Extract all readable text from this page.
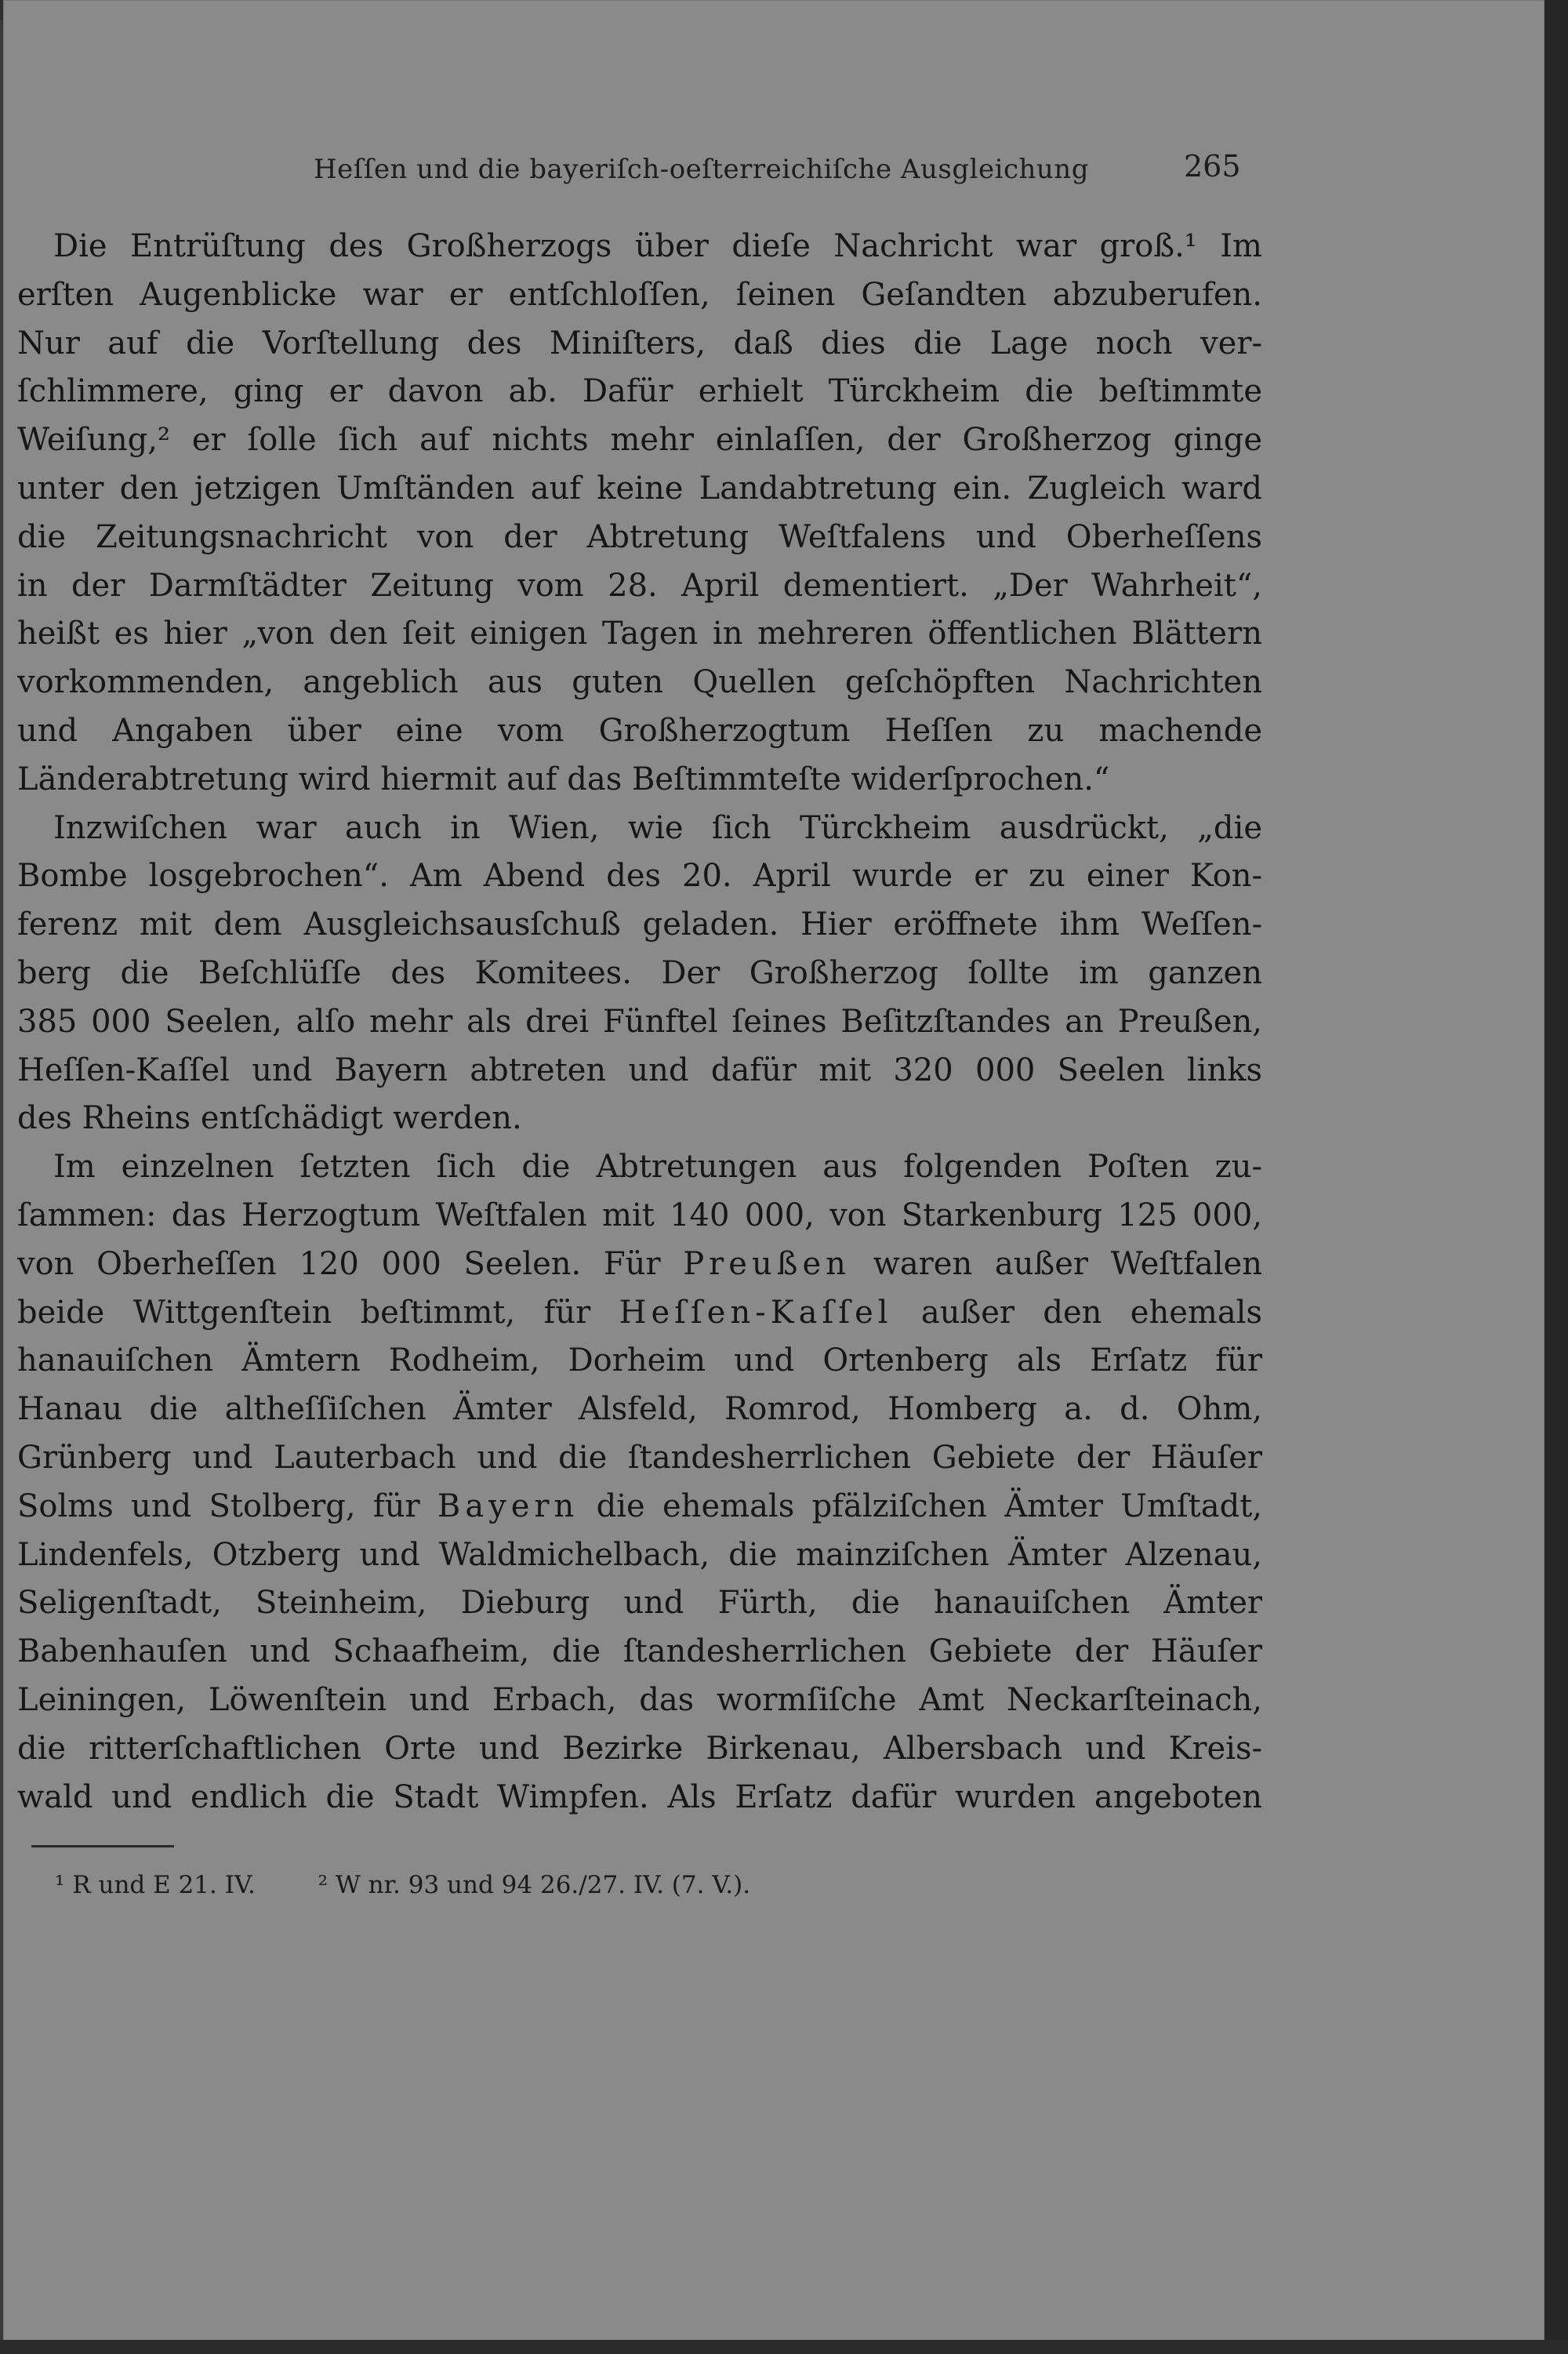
Heſſen und die bayeriſch-oeſterreichiſche Ausgleichung	265
Die Entrüſtung des Großherzogs über dieſe Nachricht war groß.¹ Im
erſten Augenblicke war er entſchloſſen, ſeinen Geſandten abzuberufen.
Nur auf die Vorſtellung des Miniſters, daß dies die Lage noch ver-
ſchlimmere, ging er davon ab. Dafür erhielt Türckheim die beſtimmte
Weiſung,² er ſolle ſich auf nichts mehr einlaſſen, der Großherzog ginge
unter den jetzigen Umſtänden auf keine Landabtretung ein. Zugleich ward
die Zeitungsnachricht von der Abtretung Weſtfalens und Oberheſſens
in der Darmſtädter Zeitung vom 28. April dementiert. „Der Wahrheit“,
heißt es hier „von den ſeit einigen Tagen in mehreren öffentlichen Blättern
vorkommenden, angeblich aus guten Quellen geſchöpften Nachrichten
und Angaben über eine vom Großherzogtum Heſſen zu machende
Länderabtretung wird hiermit auf das Beſtimmteſte widerſprochen.“
Inzwiſchen war auch in Wien, wie ſich Türckheim ausdrückt, „die
Bombe losgebrochen“. Am Abend des 20. April wurde er zu einer Kon-
ferenz mit dem Ausgleichsausſchuß geladen. Hier eröffnete ihm Weſſen-
berg die Beſchlüſſe des Komitees. Der Großherzog ſollte im ganzen
385 000 Seelen, alſo mehr als drei Fünftel ſeines Beſitzſtandes an Preußen,
Heſſen-Kaſſel und Bayern abtreten und dafür mit 320 000 Seelen links
des Rheins entſchädigt werden.
Im einzelnen ſetzten ſich die Abtretungen aus folgenden Poſten zu-
ſammen: das Herzogtum Weſtfalen mit 140 000, von Starkenburg 125 000,
von Oberheſſen 120 000 Seelen. Für Preußen waren außer Weſtfalen
beide Wittgenſtein beſtimmt, für Heſſen-Kaſſel außer den ehemals
hanauiſchen Ämtern Rodheim, Dorheim und Ortenberg als Erſatz für
Hanau die altheſſiſchen Ämter Alsfeld, Romrod, Homberg a. d. Ohm,
Grünberg und Lauterbach und die ſtandesherrlichen Gebiete der Häuſer
Solms und Stolberg, für Bayern die ehemals pfälziſchen Ämter Umſtadt,
Lindenfels, Otzberg und Waldmichelbach, die mainziſchen Ämter Alzenau,
Seligenſtadt, Steinheim, Dieburg und Fürth, die hanauiſchen Ämter
Babenhauſen und Schaafheim, die ſtandesherrlichen Gebiete der Häuſer
Leiningen, Löwenſtein und Erbach, das wormſiſche Amt Neckarſteinach,
die ritterſchaftlichen Orte und Bezirke Birkenau, Albersbach und Kreis-
wald und endlich die Stadt Wimpfen. Als Erſatz dafür wurden angeboten
¹ R und E 21. IV.	² W nr. 93 und 94 26./27. IV. (7. V.).
